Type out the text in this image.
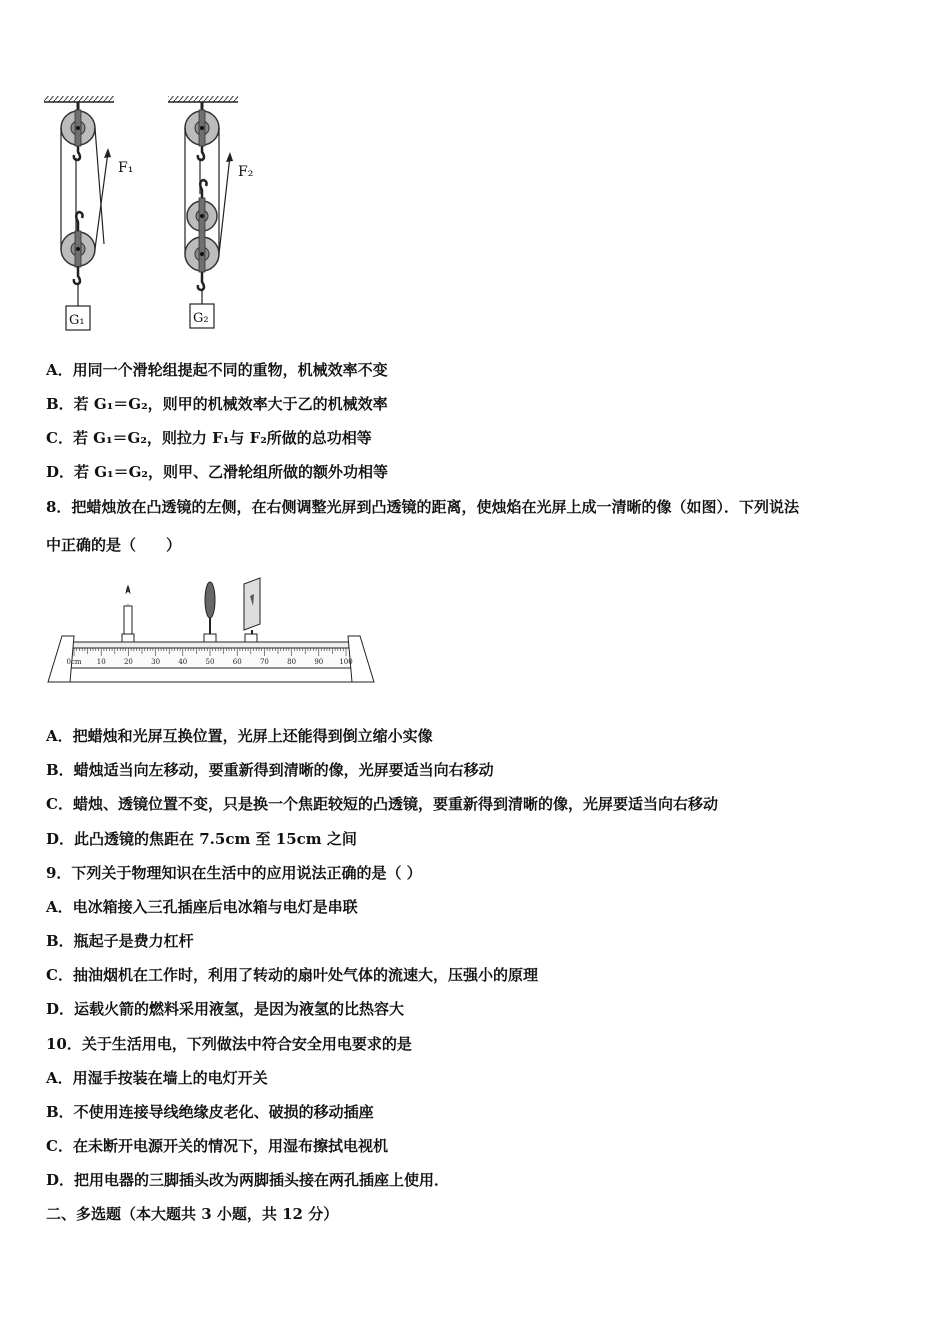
F₁
G₁
F₂
G₂
A．用同一个滑轮组提起不同的重物，机械效率不变
B．若 G₁＝G₂，则甲的机械效率大于乙的机械效率
C．若 G₁＝G₂，则拉力 F₁与 F₂所做的总功相等
D．若 G₁＝G₂，则甲、乙滑轮组所做的额外功相等
8．把蜡烛放在凸透镜的左侧，在右侧调整光屏到凸透镜的距离，使烛焰在光屏上成一清晰的像（如图）．下列说法
中正确的是（　　）
0cm 10	20	30	40	50	60	70	80	90 100
A．把蜡烛和光屏互换位置，光屏上还能得到倒立缩小实像
B．蜡烛适当向左移动，要重新得到清晰的像，光屏要适当向右移动
C．蜡烛、透镜位置不变，只是换一个焦距较短的凸透镜，要重新得到清晰的像，光屏要适当向右移动
D．此凸透镜的焦距在 7.5cm 至 15cm 之间
9．下列关于物理知识在生活中的应用说法正确的是（ ）
A．电冰箱接入三孔插座后电冰箱与电灯是串联
B．瓶起子是费力杠杆
C．抽油烟机在工作时，利用了转动的扇叶处气体的流速大，压强小的原理
D．运载火箭的燃料采用液氢，是因为液氢的比热容大
10．关于生活用电，下列做法中符合安全用电要求的是
A．用湿手按装在墙上的电灯开关
B．不使用连接导线绝缘皮老化、破损的移动插座
C．在未断开电源开关的情况下，用湿布擦拭电视机
D．把用电器的三脚插头改为两脚插头接在两孔插座上使用．
二、多选题（本大题共 3 小题，共 12 分）
